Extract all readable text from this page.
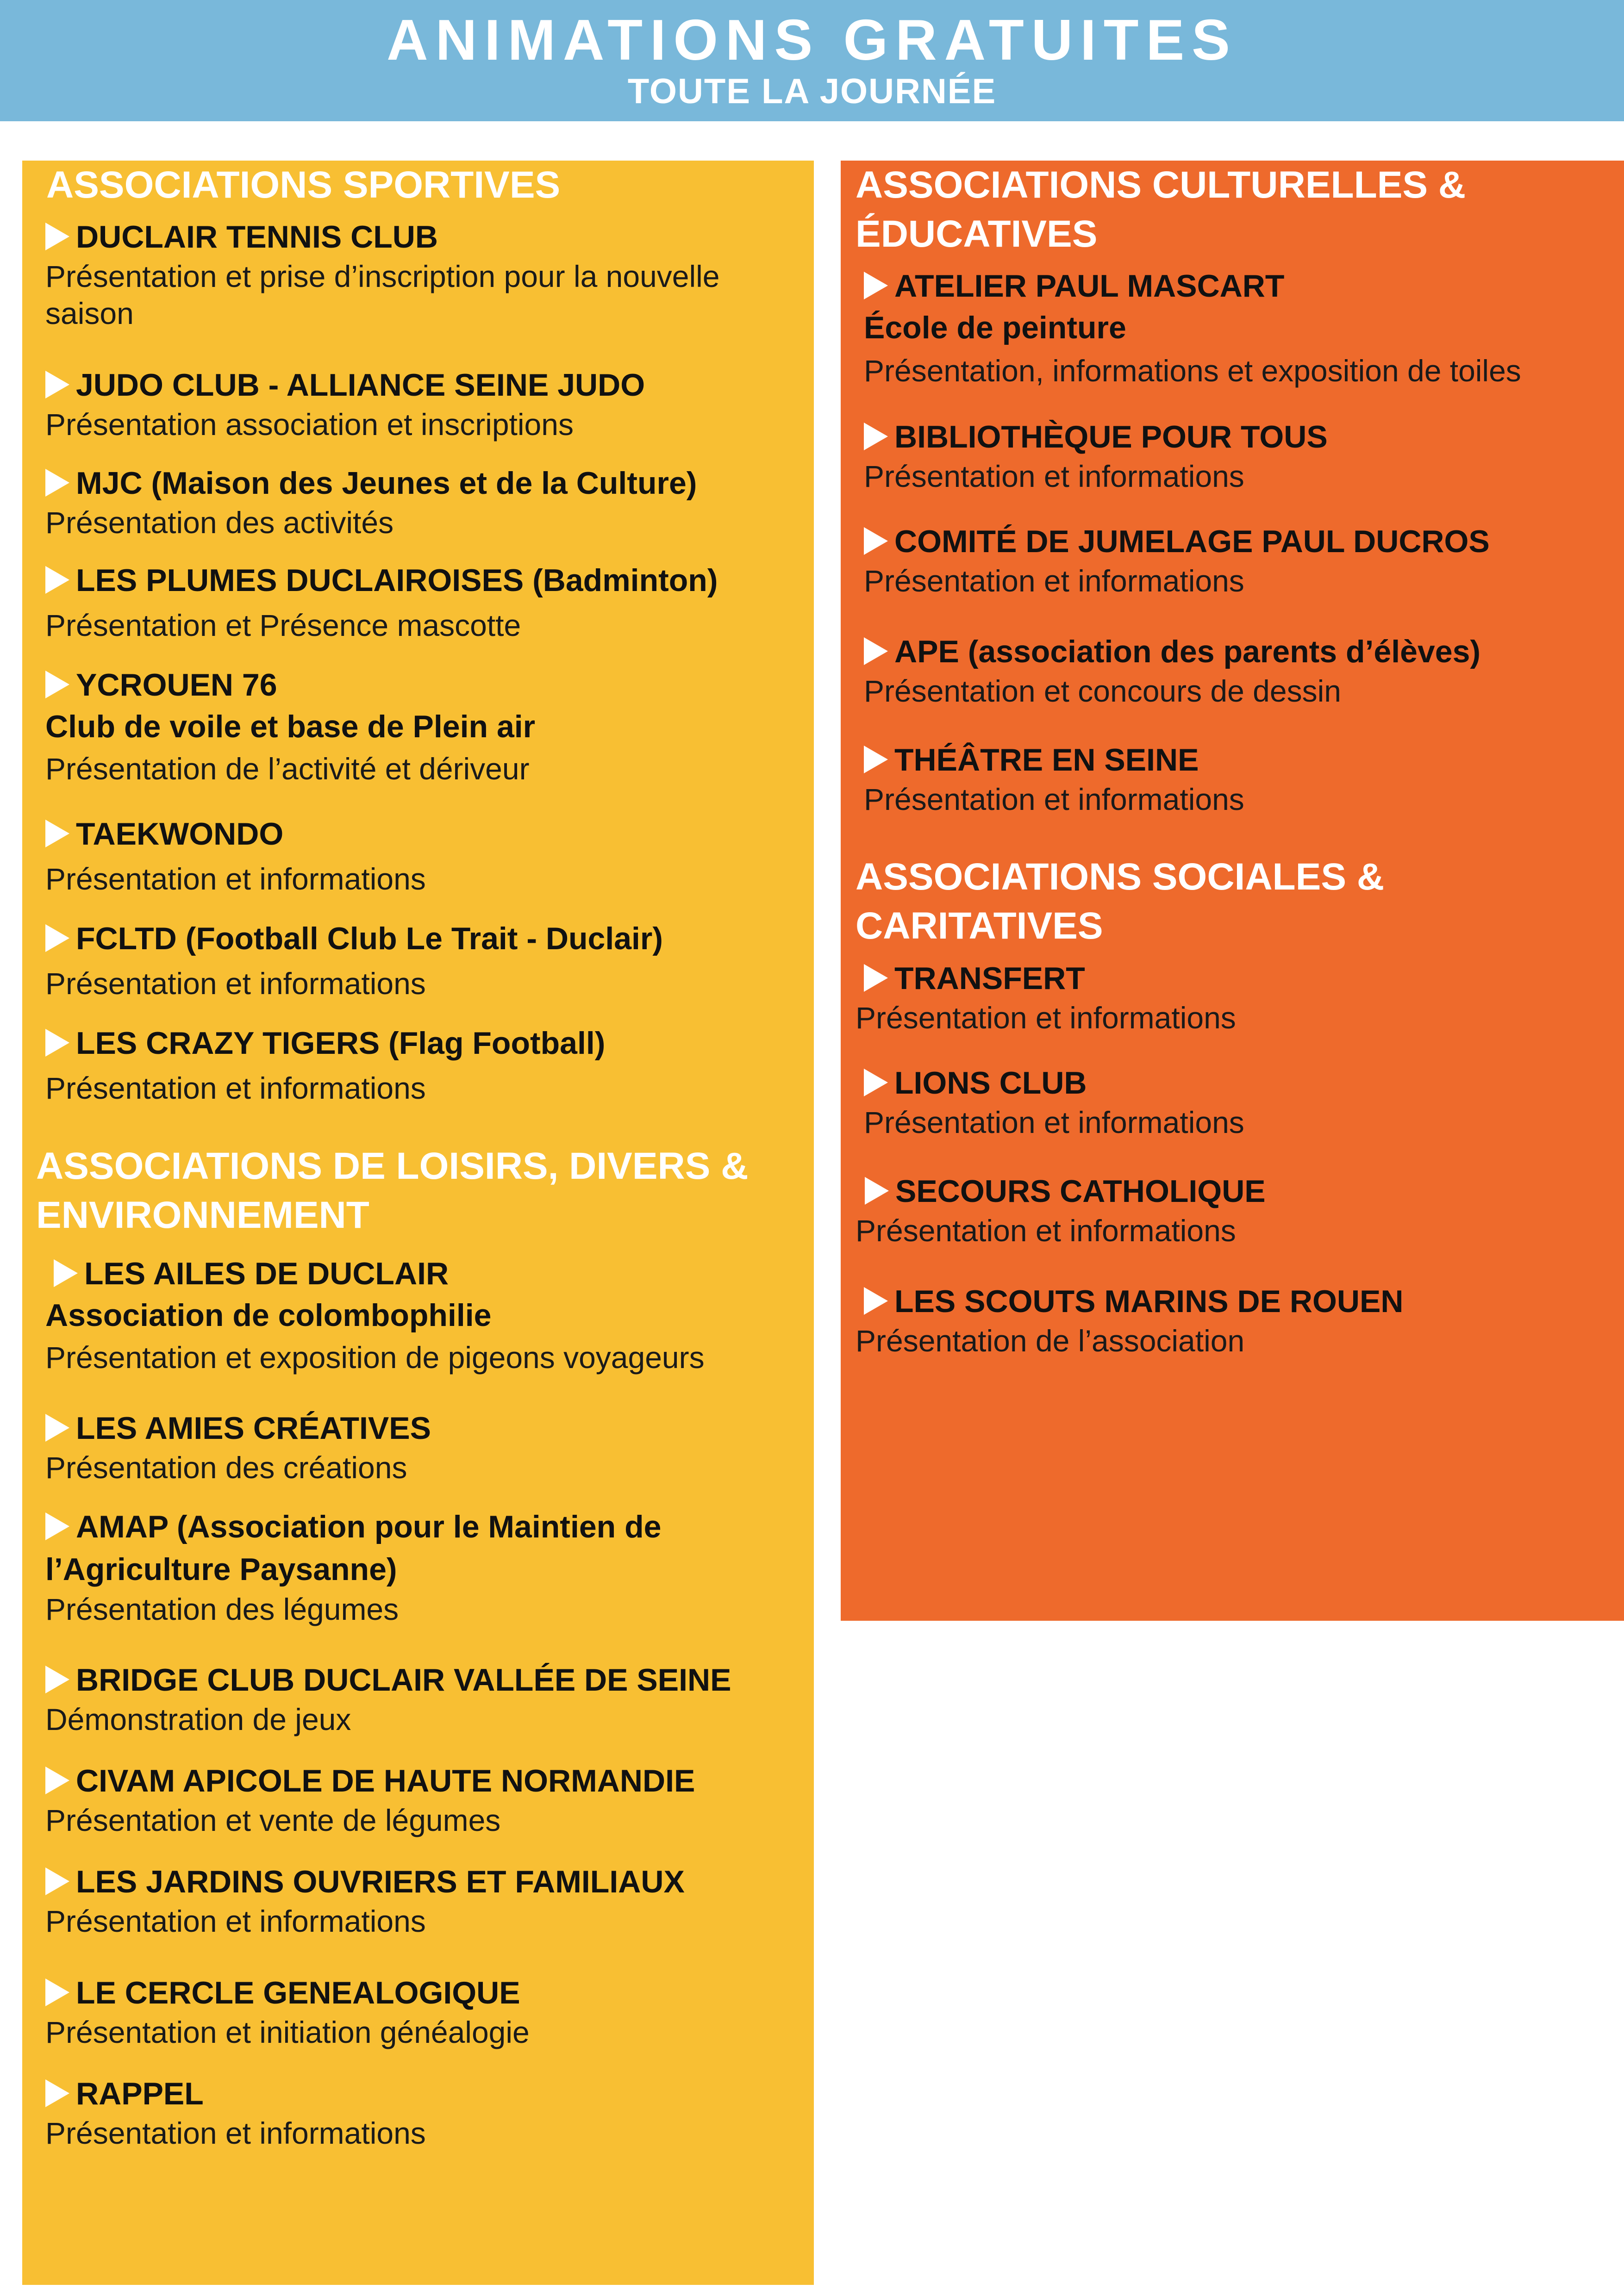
ANIMATIONS GRATUITES
TOUTE LA JOURNÉE
ASSOCIATIONS SPORTIVES
DUCLAIR TENNIS CLUB
Présentation et prise d’inscription pour la nouvelle saison
JUDO CLUB - ALLIANCE SEINE JUDO
Présentation association et inscriptions
MJC (Maison des Jeunes et de la Culture)
Présentation des activités
LES PLUMES DUCLAIROISES (Badminton)
Présentation et Présence mascotte
YCROUEN 76
Club de voile et base de Plein air
Présentation de l’activité et dériveur
TAEKWONDO
Présentation et informations
FCLTD (Football Club Le Trait - Duclair)
Présentation et informations
LES CRAZY TIGERS (Flag Football)
Présentation et informations
ASSOCIATIONS DE LOISIRS, DIVERS & ENVIRONNEMENT
LES AILES DE DUCLAIR
Association de colombophilie
Présentation et exposition de pigeons voyageurs
LES AMIES CRÉATIVES
Présentation des créations
AMAP (Association pour le Maintien de l’Agriculture Paysanne)
Présentation des légumes
BRIDGE CLUB DUCLAIR VALLÉE DE SEINE
Démonstration de jeux
CIVAM APICOLE DE HAUTE NORMANDIE
Présentation et vente de légumes
LES JARDINS OUVRIERS ET FAMILIAUX
Présentation et informations
LE CERCLE GENEALOGIQUE
Présentation et initiation généalogie
RAPPEL
Présentation et informations
ASSOCIATIONS CULTURELLES & ÉDUCATIVES
ATELIER PAUL MASCART
École de peinture
Présentation, informations et exposition de toiles
BIBLIOTHÈQUE POUR TOUS
Présentation et informations
COMITÉ DE JUMELAGE PAUL DUCROS
Présentation et informations
APE (association des parents d’élèves)
Présentation et concours de dessin
THÉÂTRE EN SEINE
Présentation et informations
ASSOCIATIONS SOCIALES & CARITATIVES
TRANSFERT
Présentation et informations
LIONS CLUB
Présentation et informations
SECOURS CATHOLIQUE
Présentation et informations
LES SCOUTS MARINS DE ROUEN
Présentation de l’association
